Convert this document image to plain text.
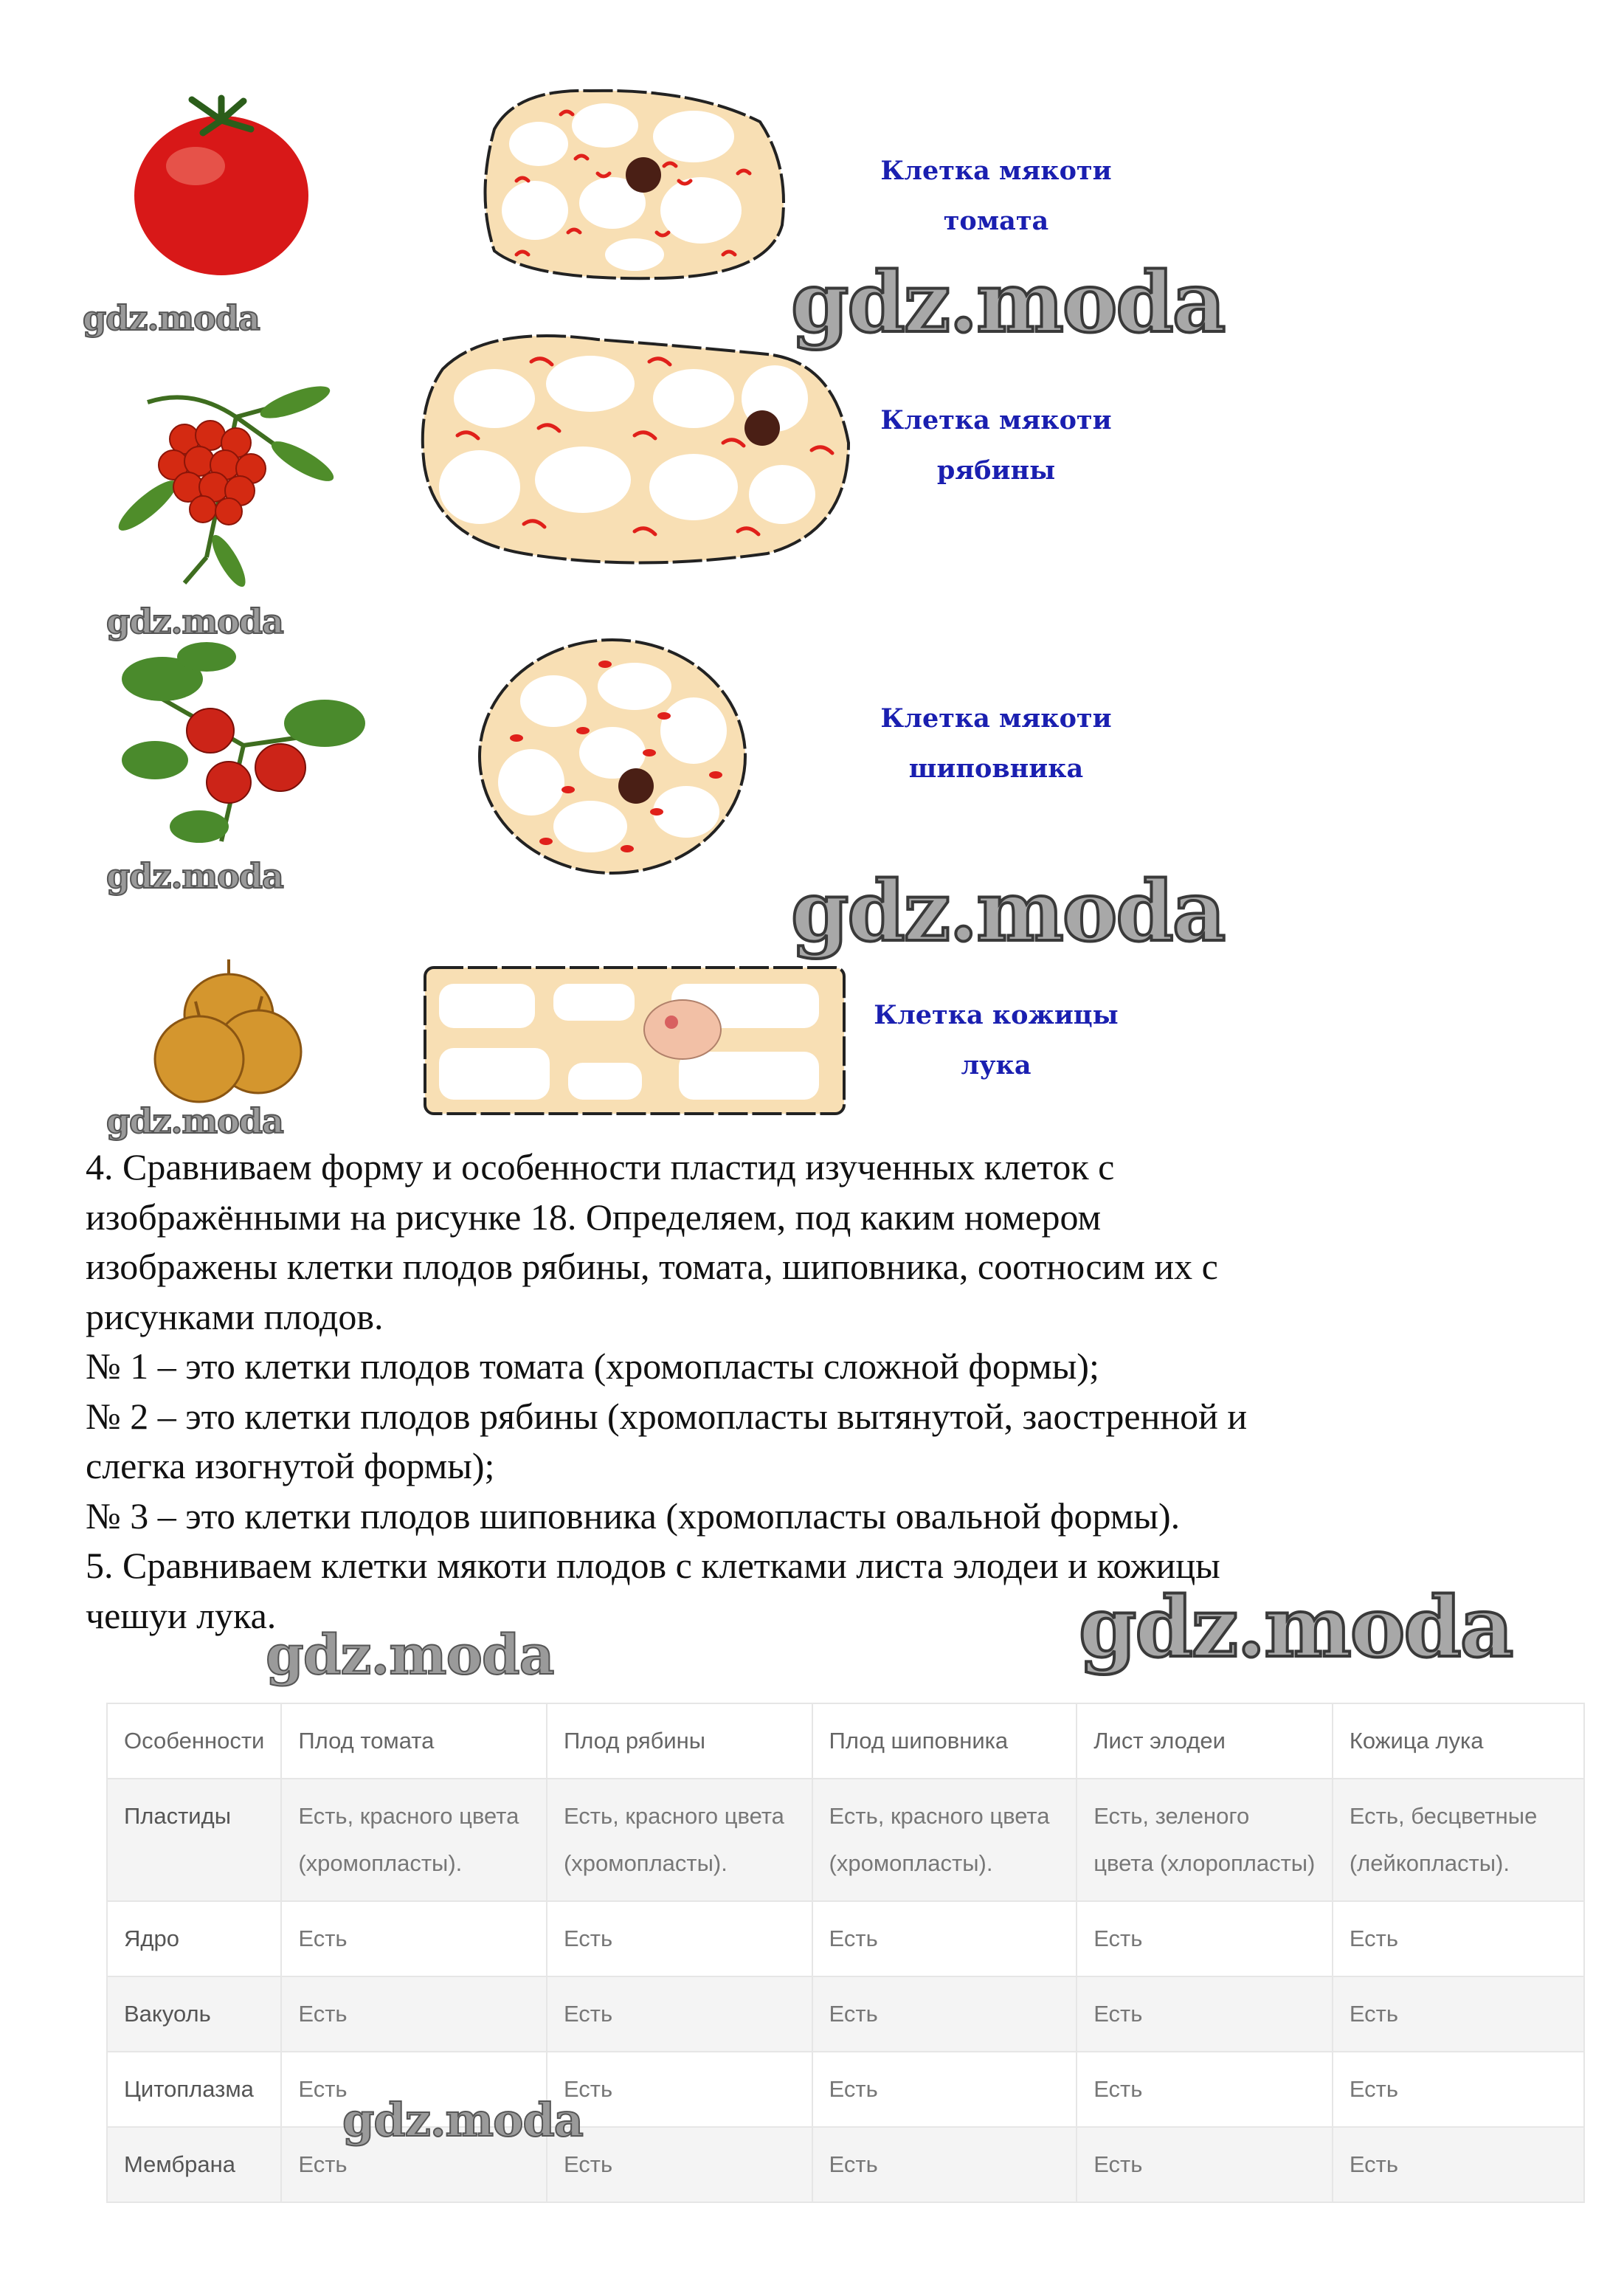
Клетка мякоти
томата
Клетка мякоти
рябины
Клетка мякоти
шиповника
Клетка кожицы
лука

4. Сравниваем форму и особенности пластид изученных клеток с

изображёнными на рисунке 18. Определяем, под каким номером

изображены клетки плодов рябины, томата, шиповника, соотносим их с

рисунками плодов.

№ 1 – это клетки плодов томата (хромопласты сложной формы);

№ 2 – это клетки плодов рябины (хромопласты вытянутой, заостренной и

слегка изогнутой формы);

№ 3 – это клетки плодов шиповника (хромопласты овальной формы).

5. Сравниваем клетки мякоти плодов с клетками листа элодеи и кожицы

чешуи лука.

Особенности	Плод томата	Плод рябины	Плод шиповника	Лист элодеи	Кожица лука
Пластиды	Есть, красного цвета (хромопласты).	Есть, красного цвета (хромопласты).	Есть, красного цвета (хромопласты).	Есть, зеленого цвета (хлоропласты)	Есть, бесцветные (лейкопласты).
Ядро	Есть	Есть	Есть	Есть	Есть
Вакуоль	Есть	Есть	Есть	Есть	Есть
Цитоплазма	Есть	Есть	Есть	Есть	Есть
Мембрана	Есть	Есть	Есть	Есть	Есть
gdz.moda	gdz.moda
gdz.moda
gdz.moda	gdz.moda
gdz.moda
gdz.moda
gdz.moda
gdz.moda
